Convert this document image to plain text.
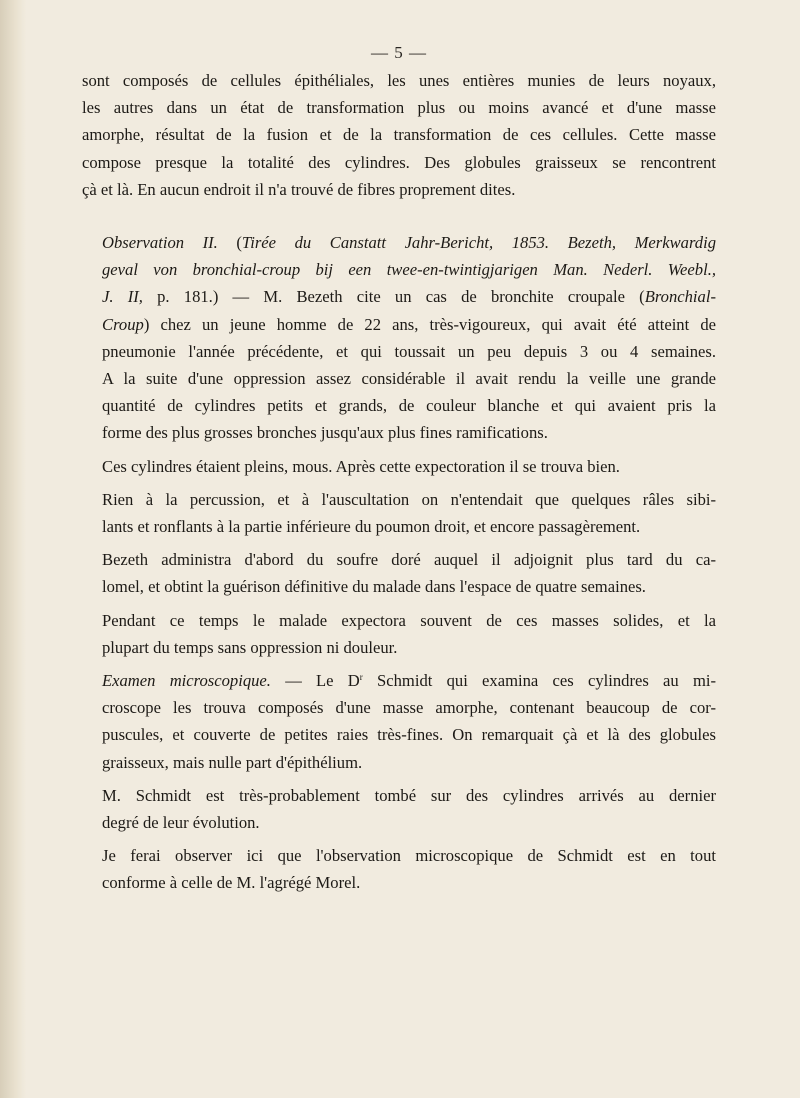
— 5 —

sont composés de cellules épithéliales, les unes entières munies de leurs noyaux,
les autres dans un état de transformation plus ou moins avancé et d'une masse
amorphe, résultat de la fusion et de la transformation de ces cellules. Cette masse
compose presque la totalité des cylindres. Des globules graisseux se rencontrent
çà et là. En aucun endroit il n'a trouvé de fibres proprement dites.

Observation II. (Tirée du Canstatt Jahr-Bericht, 1853. Bezeth, Merkwardig
geval von bronchial-croup bij een twee-en-twintigjarigen Man. Nederl. Weebl.,
J. II, p. 181.) — M. Bezeth cite un cas de bronchite croupale (Bronchial-
Croup) chez un jeune homme de 22 ans, très-vigoureux, qui avait été atteint de
pneumonie l'année précédente, et qui toussait un peu depuis 3 ou 4 semaines.
A la suite d'une oppression assez considérable il avait rendu la veille une grande
quantité de cylindres petits et grands, de couleur blanche et qui avaient pris la
forme des plus grosses bronches jusqu'aux plus fines ramifications.

Ces cylindres étaient pleins, mous. Après cette expectoration il se trouva bien.

Rien à la percussion, et à l'auscultation on n'entendait que quelques râles sibi-
lants et ronflants à la partie inférieure du poumon droit, et encore passagèrement.

Bezeth administra d'abord du soufre doré auquel il adjoignit plus tard du ca-
lomel, et obtint la guérison définitive du malade dans l'espace de quatre semaines.

Pendant ce temps le malade expectora souvent de ces masses solides, et la
plupart du temps sans oppression ni douleur.

Examen microscopique. — Le $D^r$ Schmidt qui examina ces cylindres au mi-
croscope les trouva composés d'une masse amorphe, contenant beaucoup de cor-
puscules, et couverte de petites raies très-fines. On remarquait çà et là des globules
graisseux, mais nulle part d'épithélium.

M. Schmidt est très-probablement tombé sur des cylindres arrivés au dernier
degré de leur évolution.

Je ferai observer ici que l'observation microscopique de Schmidt est en tout
conforme à celle de M. l'agrégé Morel.
